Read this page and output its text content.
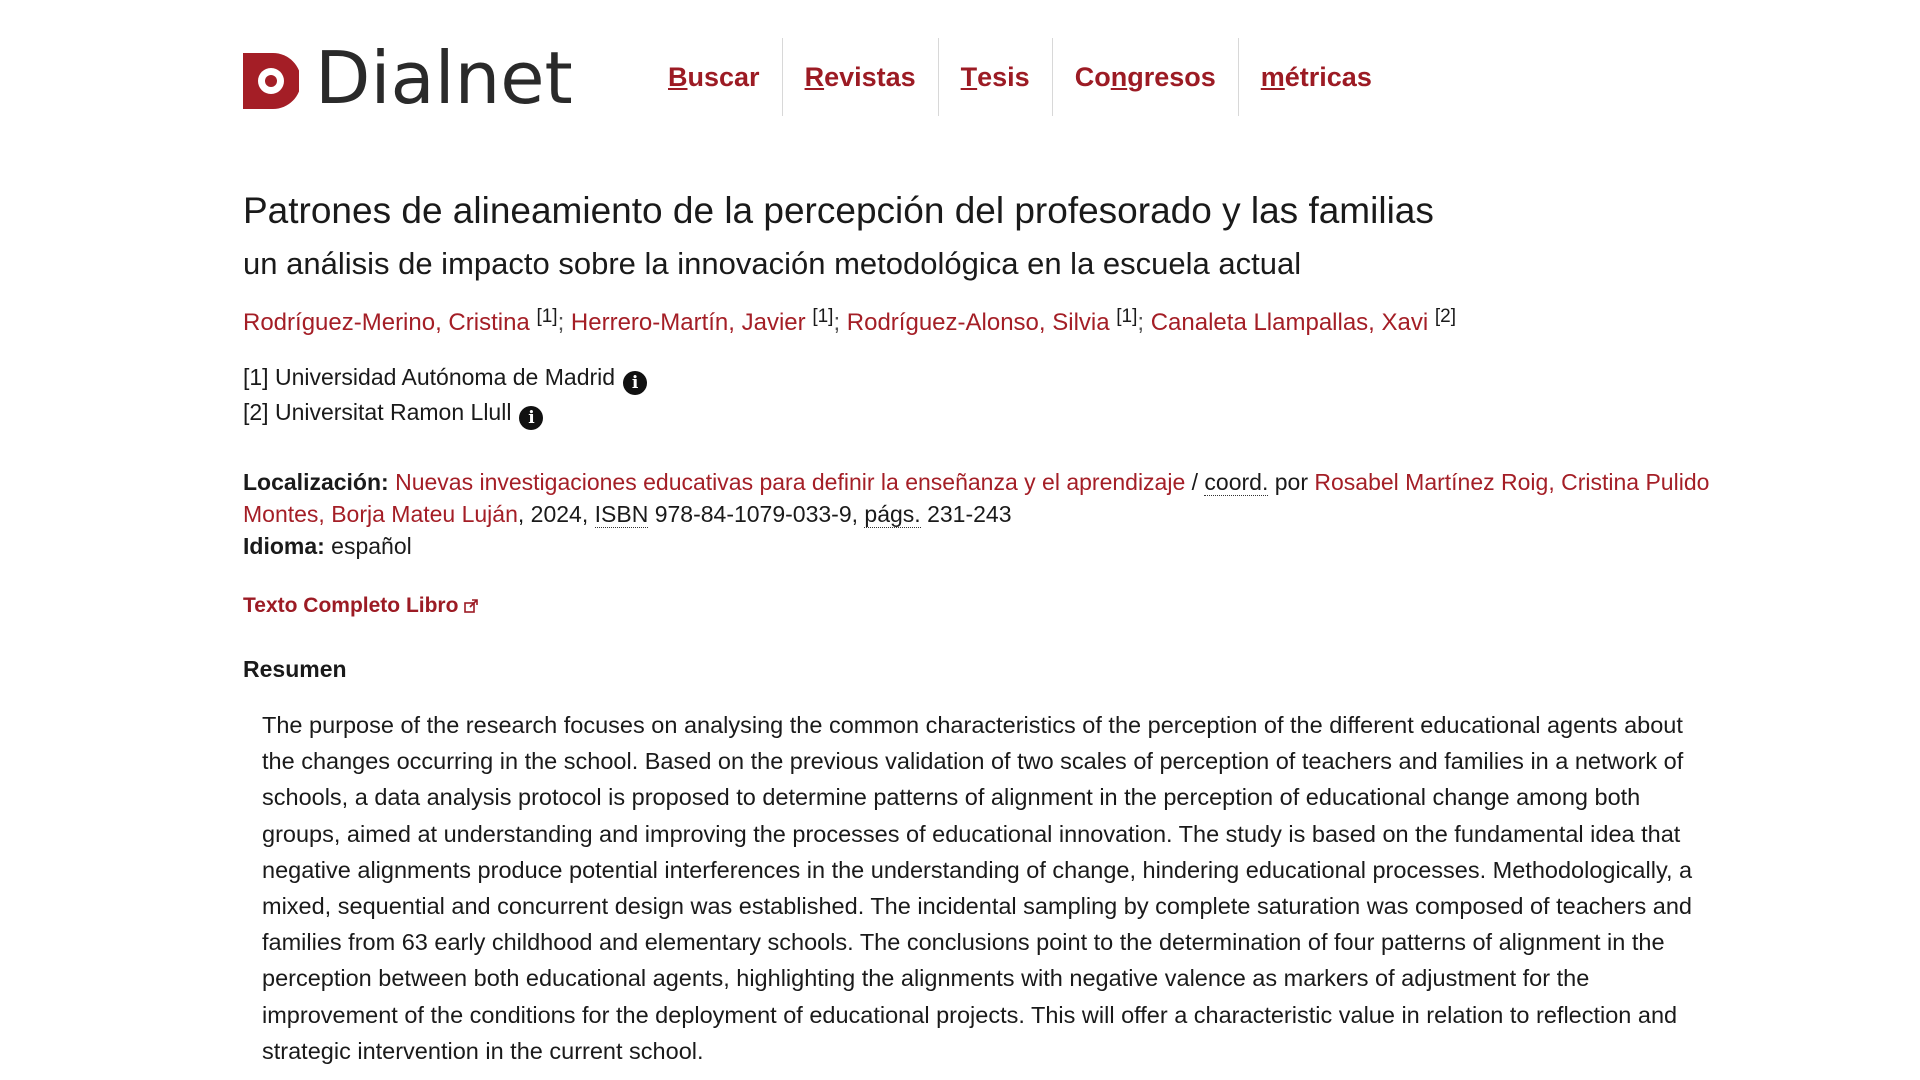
Dialnet	B uscar R evistas T esis Co n gresos m étricas
Patrones de alineamiento de la percepción del profesorado y las familias
un análisis de impacto sobre la innovación metodológica en la escuela actual
Rodríguez-Merino, Cristina [1]; Herrero-Martín, Javier [1]; Rodríguez-Alonso, Silvia [1]; Canaleta Llampallas, Xavi [2]
[1] Universidad Autónoma de Madrid i
[2] Universitat Ramon Llull i
Localización: Nuevas investigaciones educativas para definir la enseñanza y el aprendizaje / coord. por Rosabel Martínez Roig, Cristina Pulido Montes, Borja Mateu Luján, 2024, ISBN 978-84-1079-033-9, págs. 231-243
Idioma: español
Texto Completo Libro
Resumen

The purpose of the research focuses on analysing the common characteristics of the perception of the different educational agents about the changes occurring in the school. Based on the previous validation of two scales of perception of teachers and families in a network of schools, a data analysis protocol is proposed to determine patterns of alignment in the perception of educational change among both groups, aimed at understanding and improving the processes of educational innovation. The study is based on the fundamental idea that negative alignments produce potential interferences in the understanding of change, hindering educational processes. Methodologically, a mixed, sequential and concurrent design was established. The incidental sampling by complete saturation was composed of teachers and families from 63 early childhood and elementary schools. The conclusions point to the determination of four patterns of alignment in the perception between both educational agents, highlighting the alignments with negative valence as markers of adjustment for the improvement of the conditions for the deployment of educational projects. This will offer a characteristic value in relation to reflection and strategic intervention in the current school.
